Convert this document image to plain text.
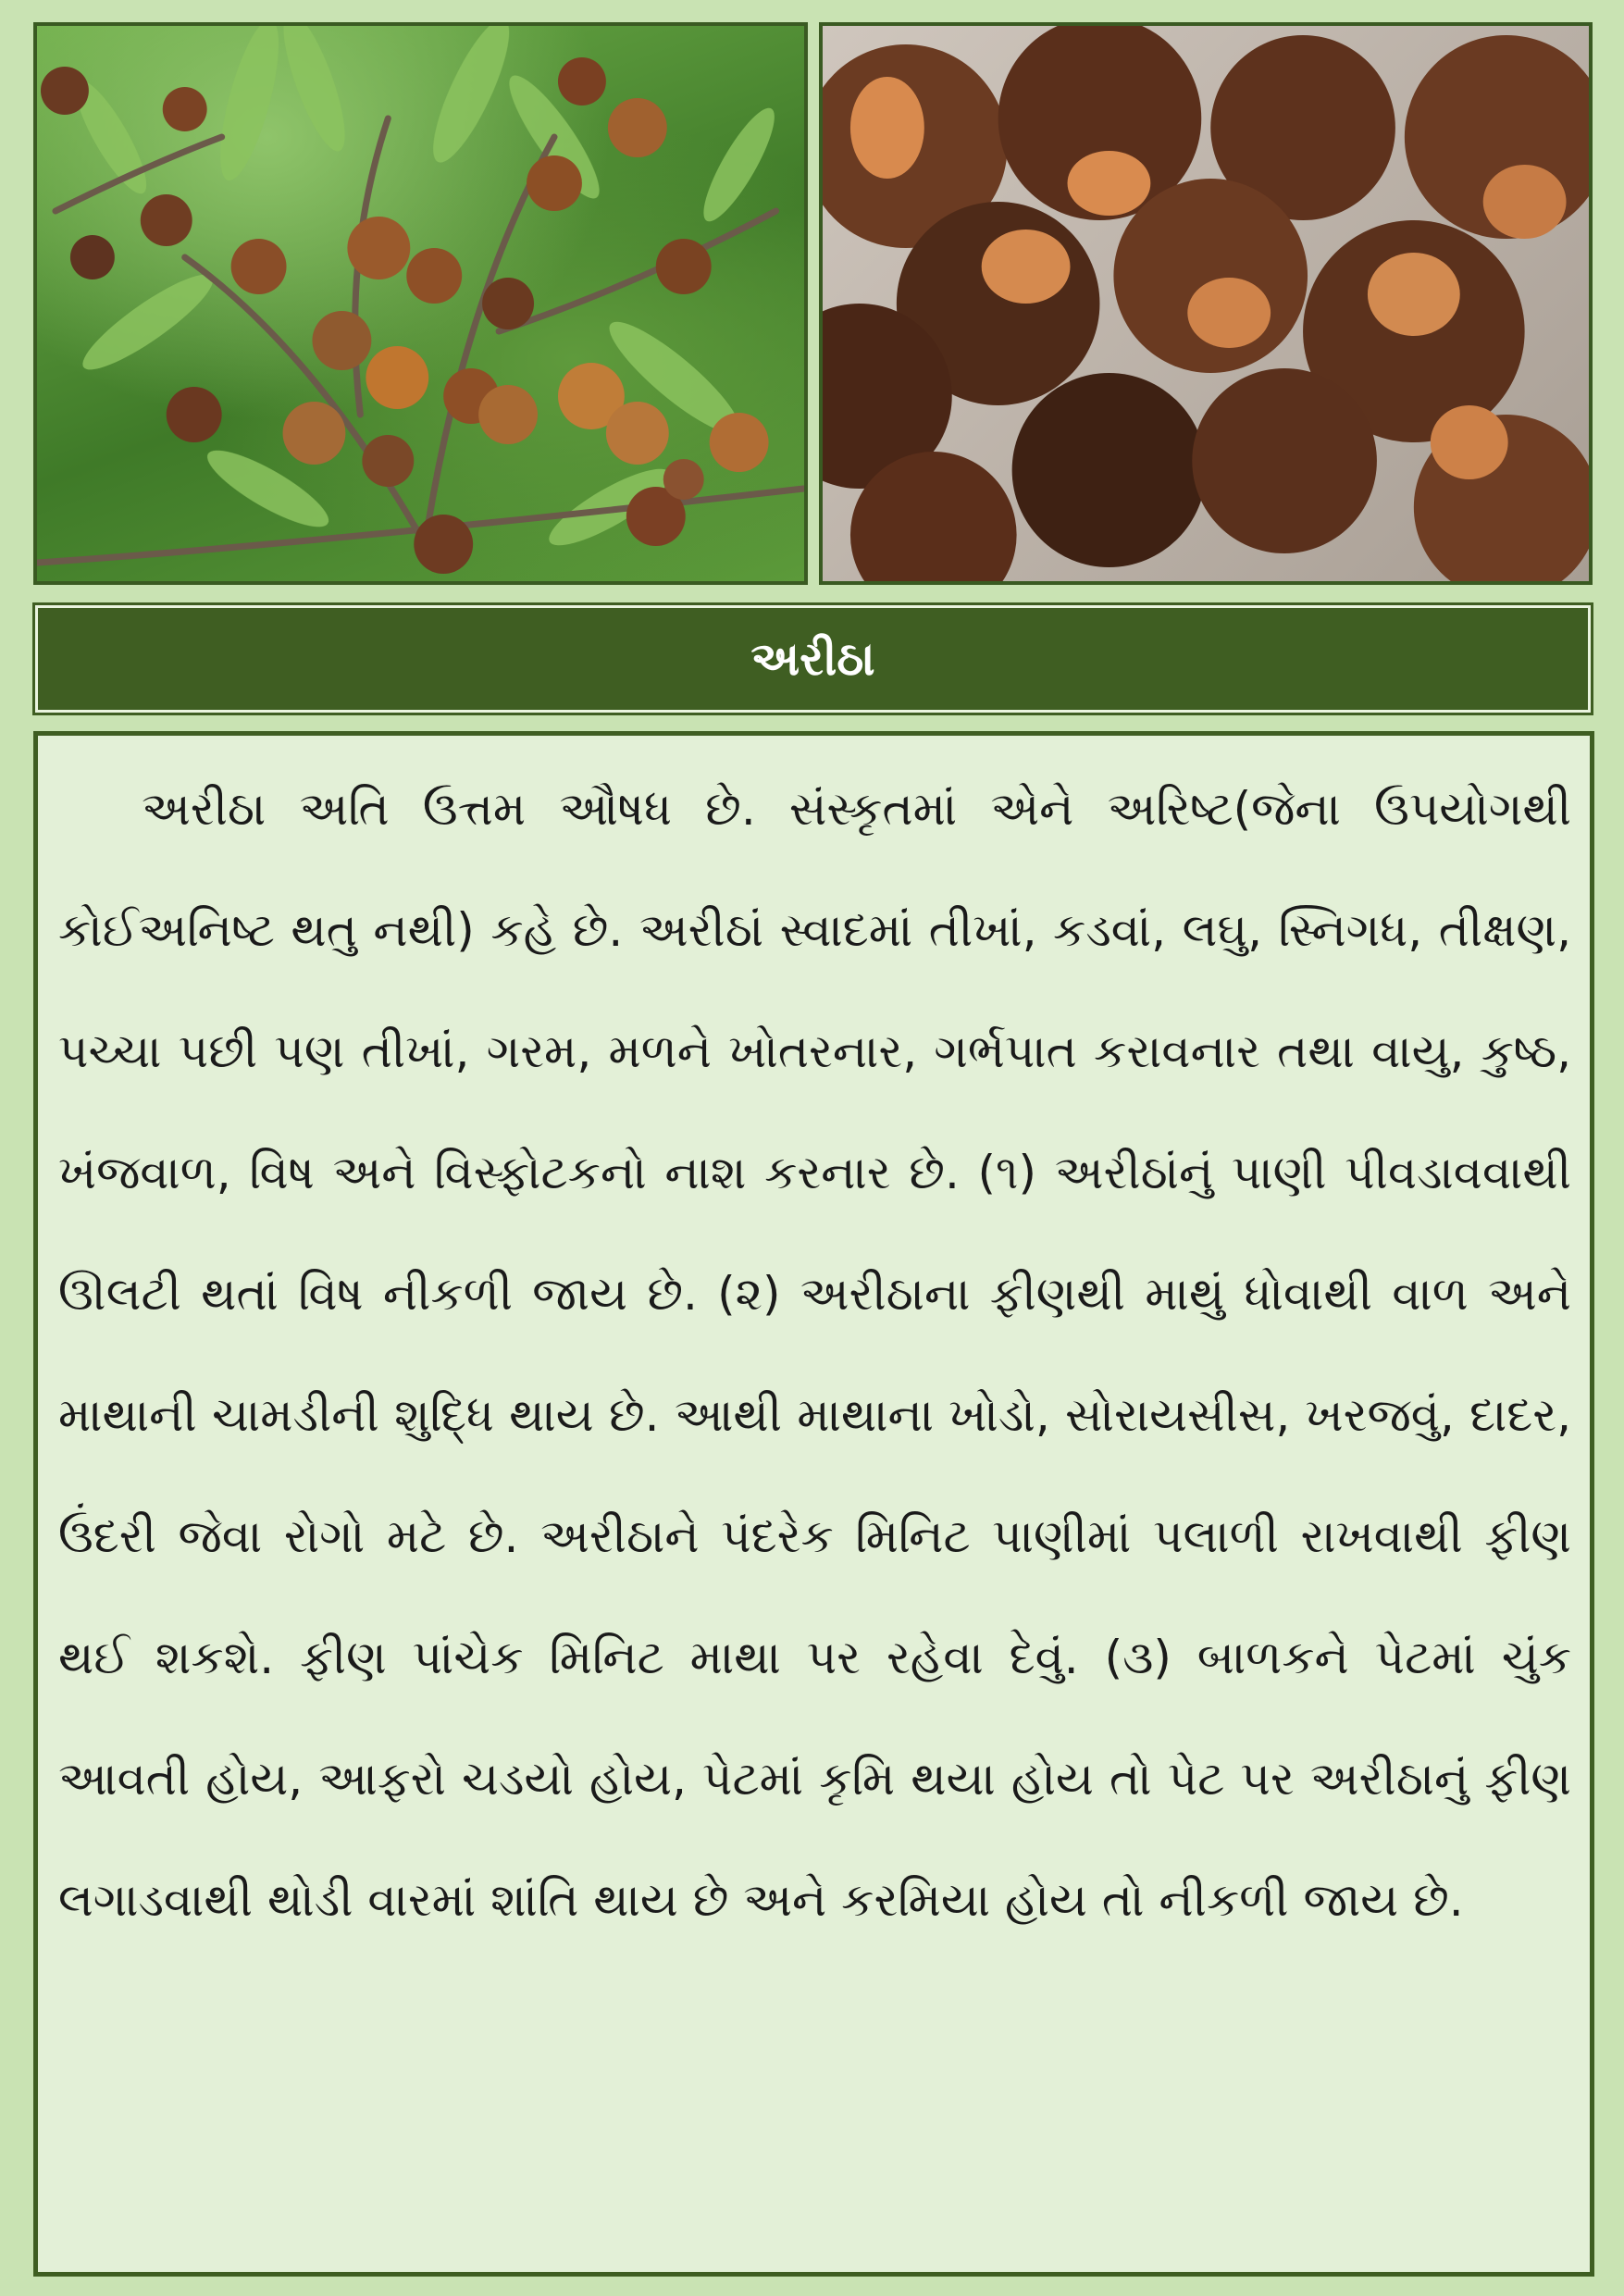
અરીઠા

અરીઠા અતિ ઉત્તમ ઔષધ છે. સંસ્કૃતમાં એને અરિષ્ટ(જેના ઉપયોગથી કોઈઅનિષ્ટ થતુ નથી) કહે છે. અરીઠાં સ્વાદમાં તીખાં, કડવાં, લઘુ, સ્નિગધ, તીક્ષણ, પચ્ચા પછી પણ તીખાં, ગરમ, મળને ખોતરનાર, ગર્ભપાત કરાવનાર તથા વાયુ, કુષ્ઠ, ખંજવાળ, વિષ અને વિસ્ફોટકનો નાશ કરનાર છે. (૧) અરીઠાંનું પાણી પીવડાવવાથી ઊલટી થતાં વિષ નીકળી જાય છે. (૨) અરીઠાના ફીણથી માથું ધોવાથી વાળ અને માથાની ચામડીની શુદ્ધિ થાય છે. આથી માથાના ખોડો, સોરાયસીસ, ખરજવું, દાદર, ઉંદરી જેવા રોગો મટે છે. અરીઠાને પંદરેક મિનિટ પાણીમાં પલાળી રાખવાથી ફીણ થઈ શકશે. ફીણ પાંચેક મિનિટ માથા પર રહેવા દેવું. (૩) બાળકને પેટમાં ચુંક આવતી હોય, આફરો ચડયો હોય, પેટમાં કૃમિ થયા હોય તો પેટ પર અરીઠાનું ફીણ લગાડવાથી થોડી વારમાં શાંતિ થાય છે અને કરમિયા હોય તો નીકળી જાય છે.
